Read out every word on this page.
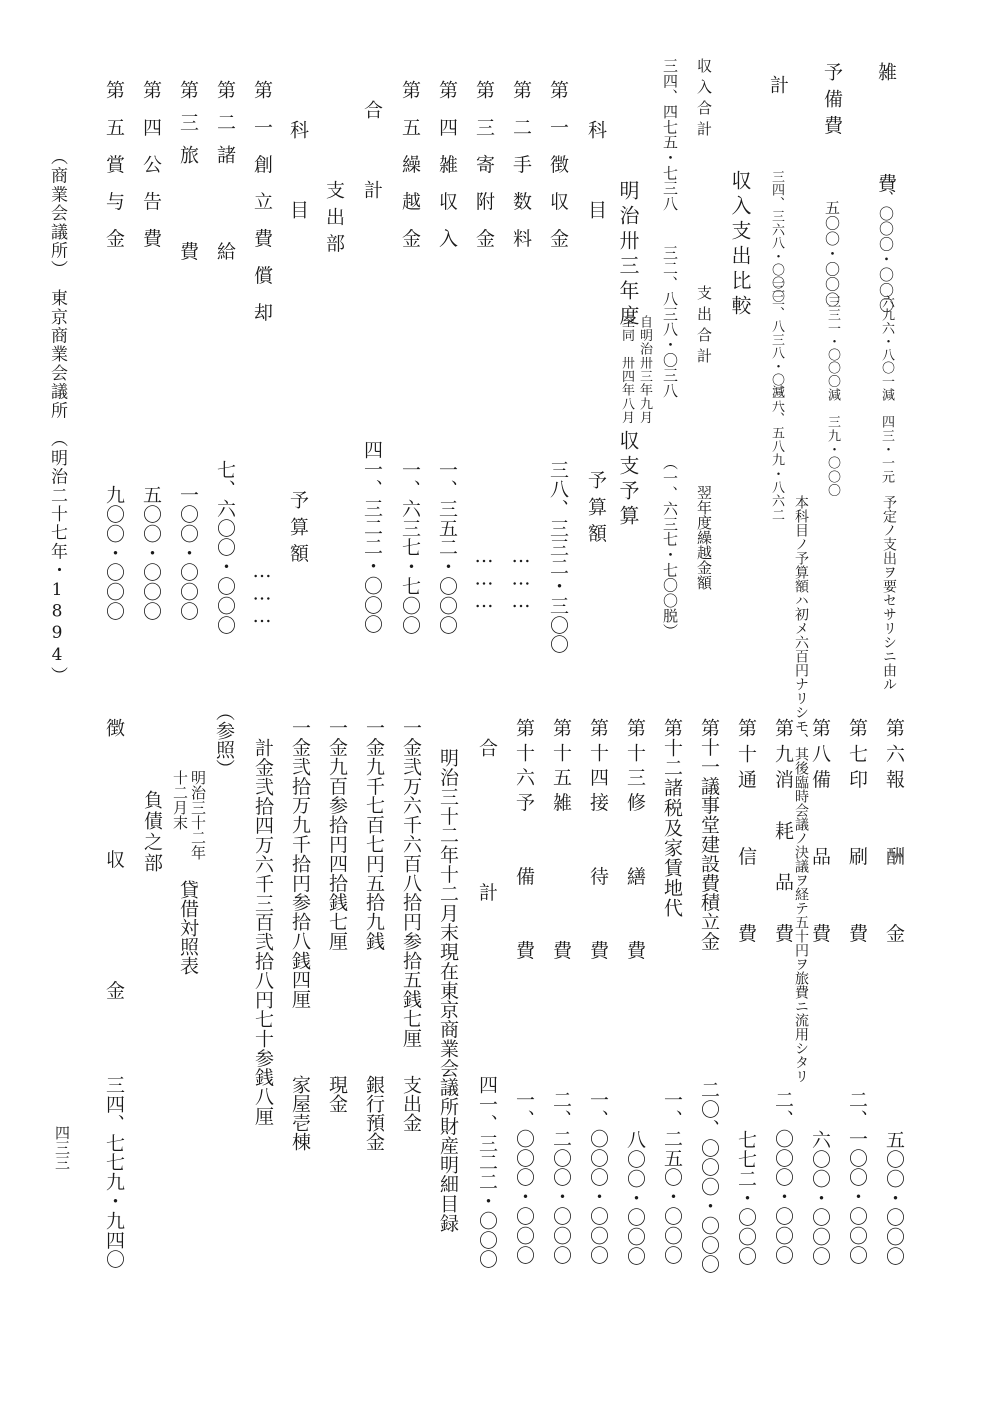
雑　　費
一、〇〇〇・〇〇〇
六九六・八〇一
減　四三・一元
予備費
五〇〇・〇〇〇
三三一・〇〇〇
減　三九・〇〇〇
計
三四、三六八・〇〇〇
三二、八三八・〇三八
減一、五八九・八六二
予定ノ支出ヲ要セサリシニ由ル
本科目ノ予算額ハ初メ六百円ナリシモ、其後臨時会議ノ決議ヲ経テ五十円ヲ旅費ニ流用シタリ
収入支出比較
収入合計
支出合計
翌年度繰越金額
三四、四七五・七三八
三二、八三八・〇三八
（一、六三七・七〇〇脱）
明治卅三年度
自明治卅三年九月
至同　卅四年八月
収支予算
科　　目
予算額
第一徴収金
三八、三三二・三〇〇
第二手数料
………
第三寄附金
………
第四雑収入
一、三五二・〇〇〇
第五繰越金
一、六三七・七〇〇
合　　計
四一、三二二・〇〇〇
支出部
科　　目
予算額
第一創立費償却
………
第二諸　　給
七、六〇〇・〇〇〇
第三旅　　費
一〇〇・〇〇〇
第四公告費
五〇〇・〇〇〇
第五賞与金
九〇〇・〇〇〇
第六報　　酬　　金
五〇〇・〇〇〇
第七印　　刷　　費
二、一〇〇・〇〇〇
第八備　　品　　費
六〇〇・〇〇〇
第九消　耗　品　費
二、〇〇〇・〇〇〇
第十通　　信　　費
七七二・〇〇〇
第十一議事堂建設費積立金
二〇、〇〇〇・〇〇〇
第十二諸税及家賃地代
一、二五〇・〇〇〇
第十三修　　繕　　費
八〇〇・〇〇〇
第十四接　　待　　費
一、〇〇〇・〇〇〇
第十五雑　　　　　費
二、二〇〇・〇〇〇
第十六予　　備　　費
一、〇〇〇・〇〇〇
合　　　計
四一、三二二・〇〇〇
明治三十二年十二月末現在東京商業会議所財産明細目録
一金弐万六千六百八拾円参拾五銭七厘
支出金
一金九千七百七円五拾九銭
銀行預金
一金九百参拾円四拾銭七厘
現金
一金弐拾万九千拾円参拾八銭四厘
家屋壱棟
計金弐拾四万六千三百弐拾八円七十参銭八厘
（参照）
明治三十二年
十二月末
貸借対照表
負債之部
徴　　収　　金
三四、七七九・九四〇
（商業会議所）　東京商業会議所　（明治二十七年・1894）
四三三
